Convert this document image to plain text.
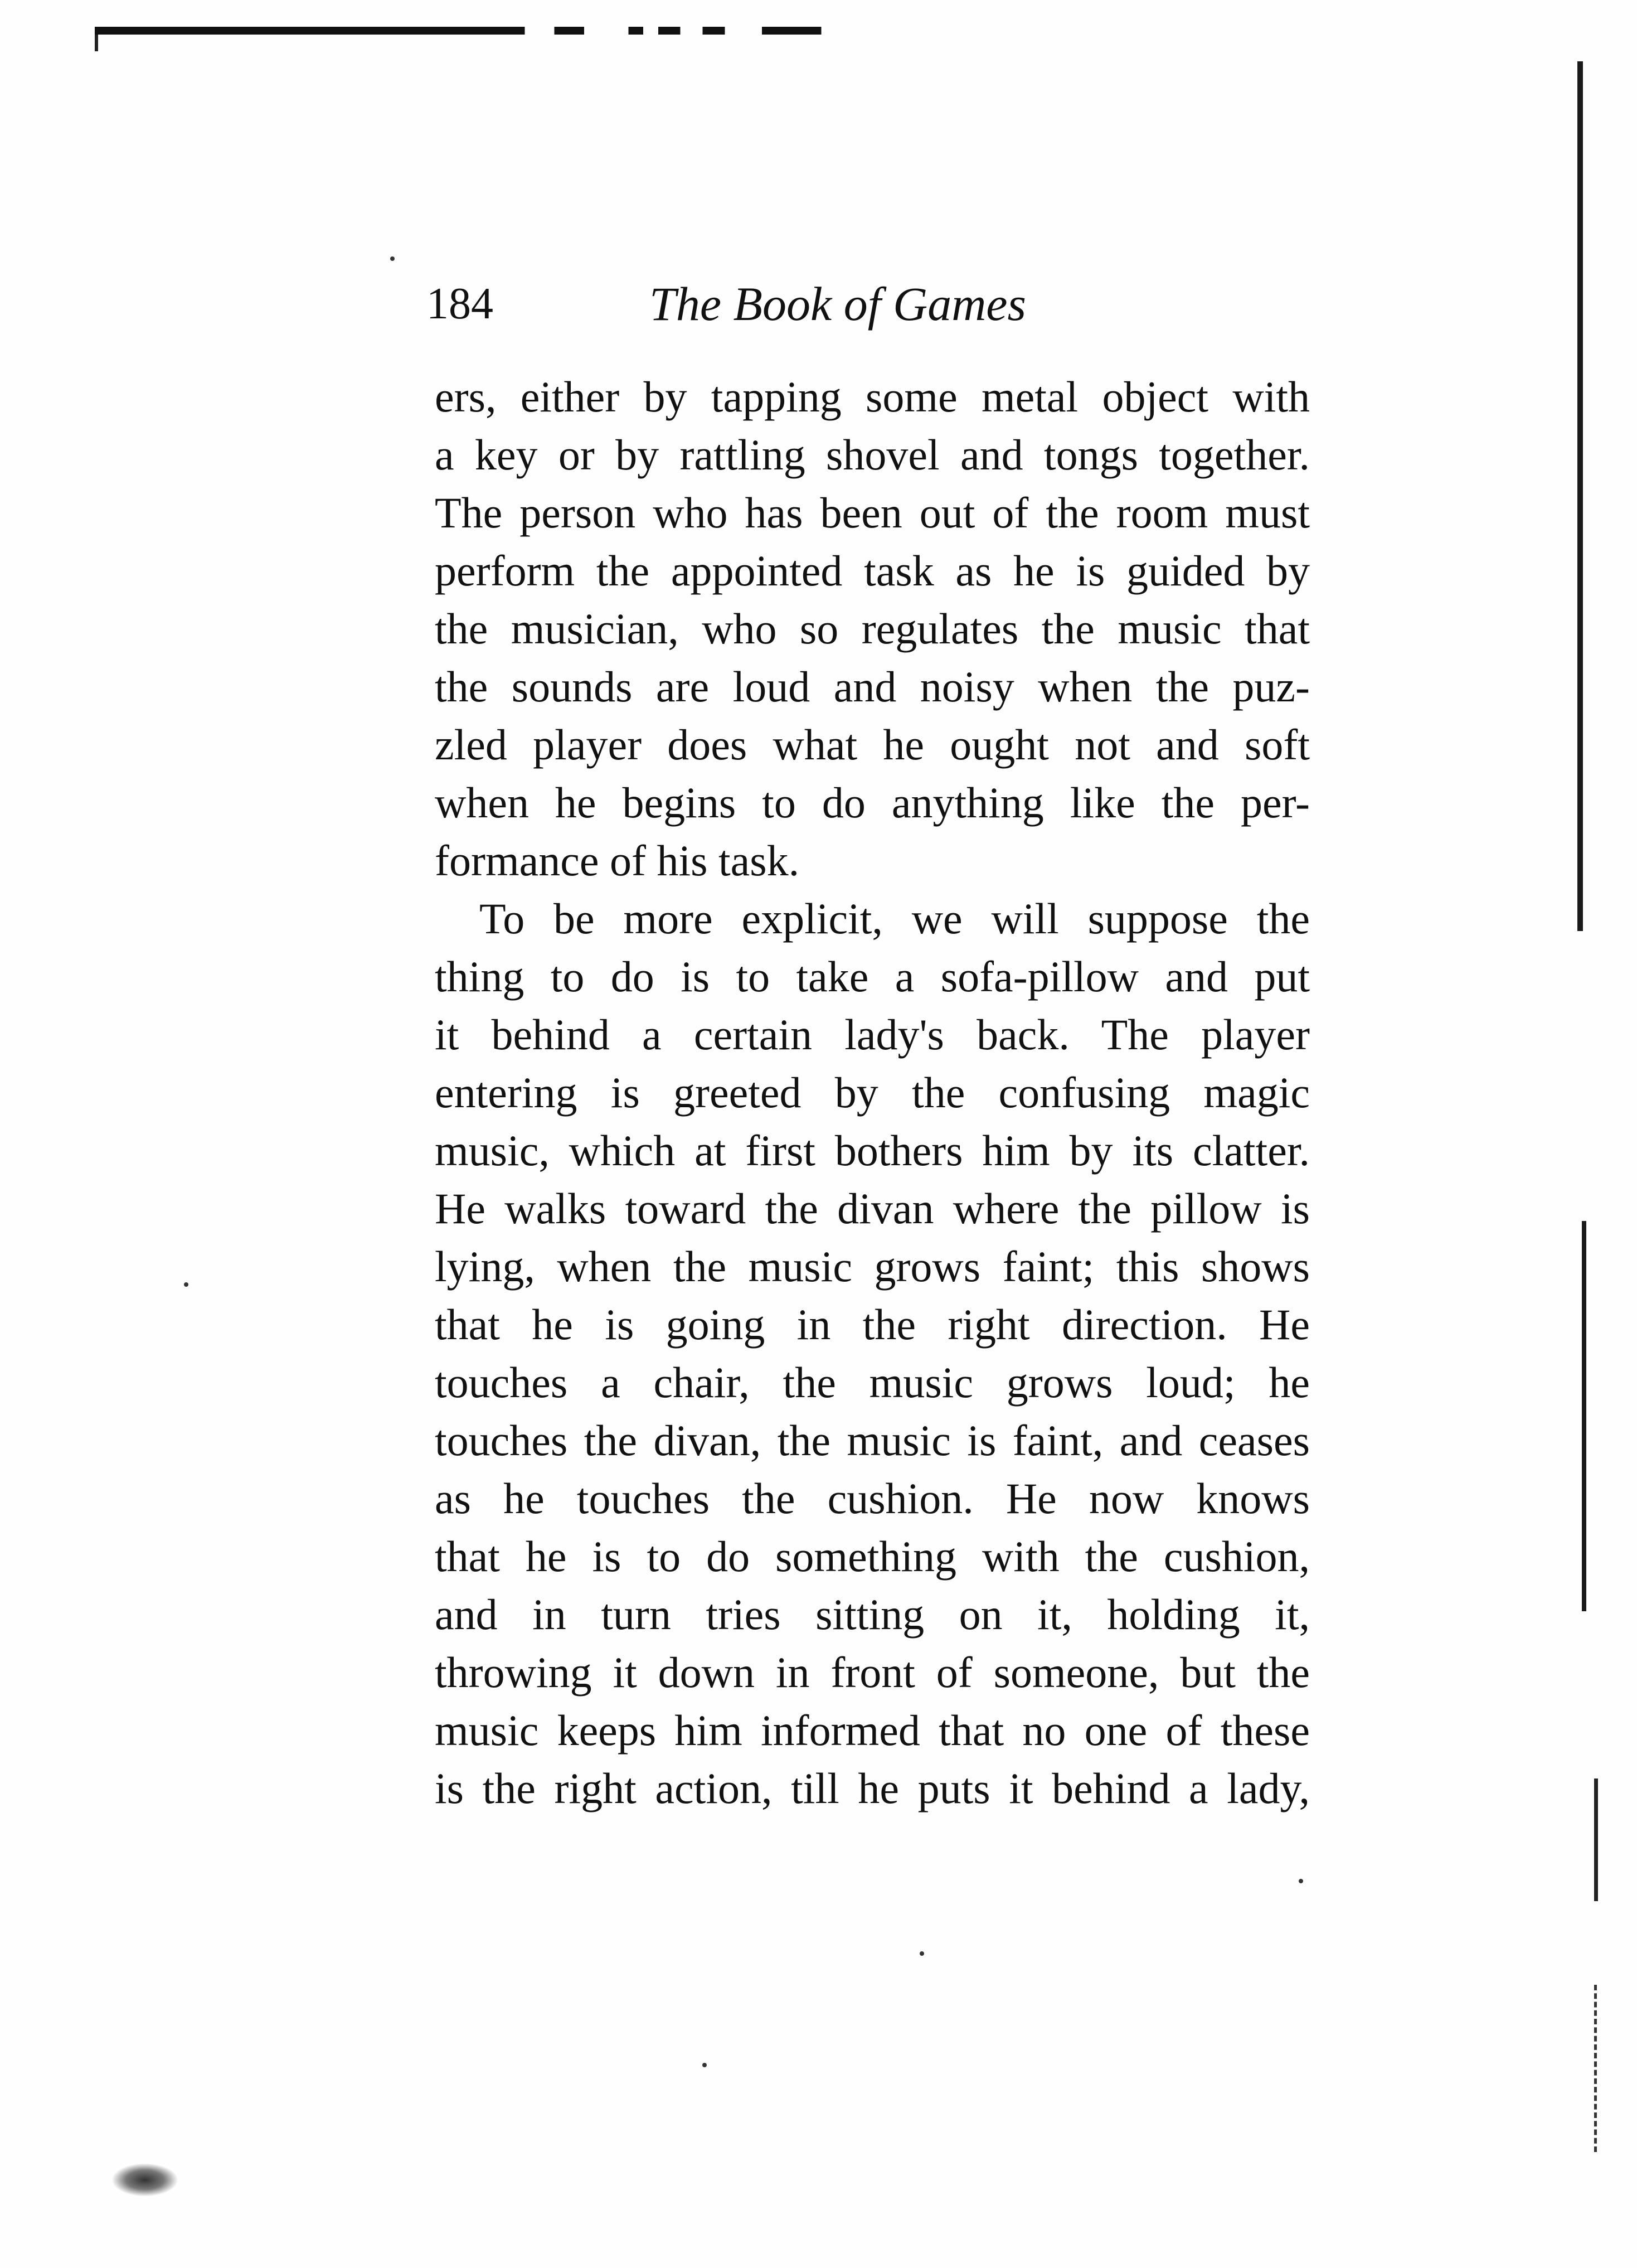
184	The Book of Games
ers, either by tapping some metal object with
a key or by rattling shovel and tongs together.
The person who has been out of the room must
perform the appointed task as he is guided by
the musician, who so regulates the music that
the sounds are loud and noisy when the puz-
zled player does what he ought not and soft
when he begins to do anything like the per-
formance of his task.
To be more explicit, we will suppose the
thing to do is to take a sofa-pillow and put
it behind a certain lady's back. The player
entering is greeted by the confusing magic
music, which at first bothers him by its clatter.
He walks toward the divan where the pillow is
lying, when the music grows faint; this shows
that he is going in the right direction. He
touches a chair, the music grows loud; he
touches the divan, the music is faint, and ceases
as he touches the cushion. He now knows
that he is to do something with the cushion,
and in turn tries sitting on it, holding it,
throwing it down in front of someone, but the
music keeps him informed that no one of these
is the right action, till he puts it behind a lady,
